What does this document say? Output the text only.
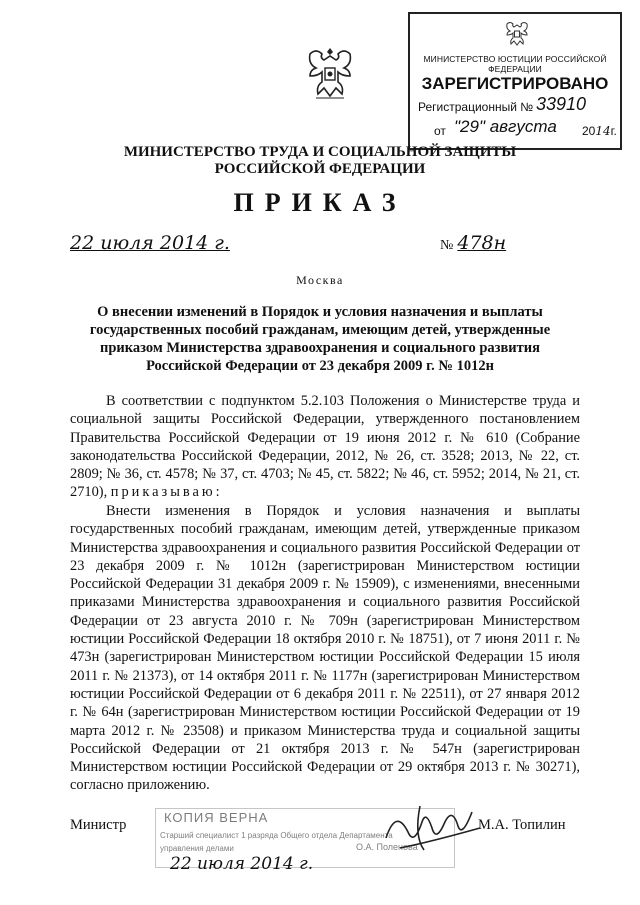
МИНИСТЕРСТВО ЮСТИЦИИ РОССИЙСКОЙ ФЕДЕРАЦИИ
ЗАРЕГИСТРИРОВАНО
Регистрационный № 33910
от "29" августа 2014г.
МИНИСТЕРСТВО ТРУДА И СОЦИАЛЬНОЙ ЗАЩИТЫ
РОССИЙСКОЙ ФЕДЕРАЦИИ
ПРИКАЗ
22 июля 2014 г.	№ 478н
Москва
О внесении изменений в Порядок и условия назначения и выплаты государственных пособий гражданам, имеющим детей, утвержденные приказом Министерства здравоохранения и социального развития Российской Федерации от 23 декабря 2009 г. № 1012н

В соответствии с подпунктом 5.2.103 Положения о Министерстве труда и социальной защиты Российской Федерации, утвержденного постановлением Правительства Российской Федерации от 19 июня 2012 г. № 610 (Собрание законодательства Российской Федерации, 2012, № 26, ст. 3528; 2013, № 22, ст. 2809; № 36, ст. 4578; № 37, ст. 4703; № 45, ст. 5822; № 46, ст. 5952; 2014, № 21, ст. 2710), приказываю:

Внести изменения в Порядок и условия назначения и выплаты государственных пособий гражданам, имеющим детей, утвержденные приказом Министерства здравоохранения и социального развития Российской Федерации от 23 декабря 2009 г. № 1012н (зарегистрирован Министерством юстиции Российской Федерации 31 декабря 2009 г. № 15909), с изменениями, внесенными приказами Министерства здравоохранения и социального развития Российской Федерации от 23 августа 2010 г. № 709н (зарегистрирован Министерством юстиции Российской Федерации 18 октября 2010 г. № 18751), от 7 июня 2011 г. № 473н (зарегистрирован Министерством юстиции Российской Федерации 15 июля 2011 г. № 21373), от 14 октября 2011 г. № 1177н (зарегистрирован Министерством юстиции Российской Федерации от 6 декабря 2011 г. № 22511), от 27 января 2012 г. № 64н (зарегистрирован Министерством юстиции Российской Федерации от 19 марта 2012 г. № 23508) и приказом Министерства труда и социальной защиты Российской Федерации от 21 октября 2013 г. № 547н (зарегистрирован Министерством юстиции Российской Федерации от 29 октября 2013 г. № 30271), согласно приложению.

Министр	М.А. Топилин
КОПИЯ ВЕРНА
Старший специалист 1 разряда Общего отдела Департамента
управления делами	О.А. Поленова
22 июля 2014 г.
